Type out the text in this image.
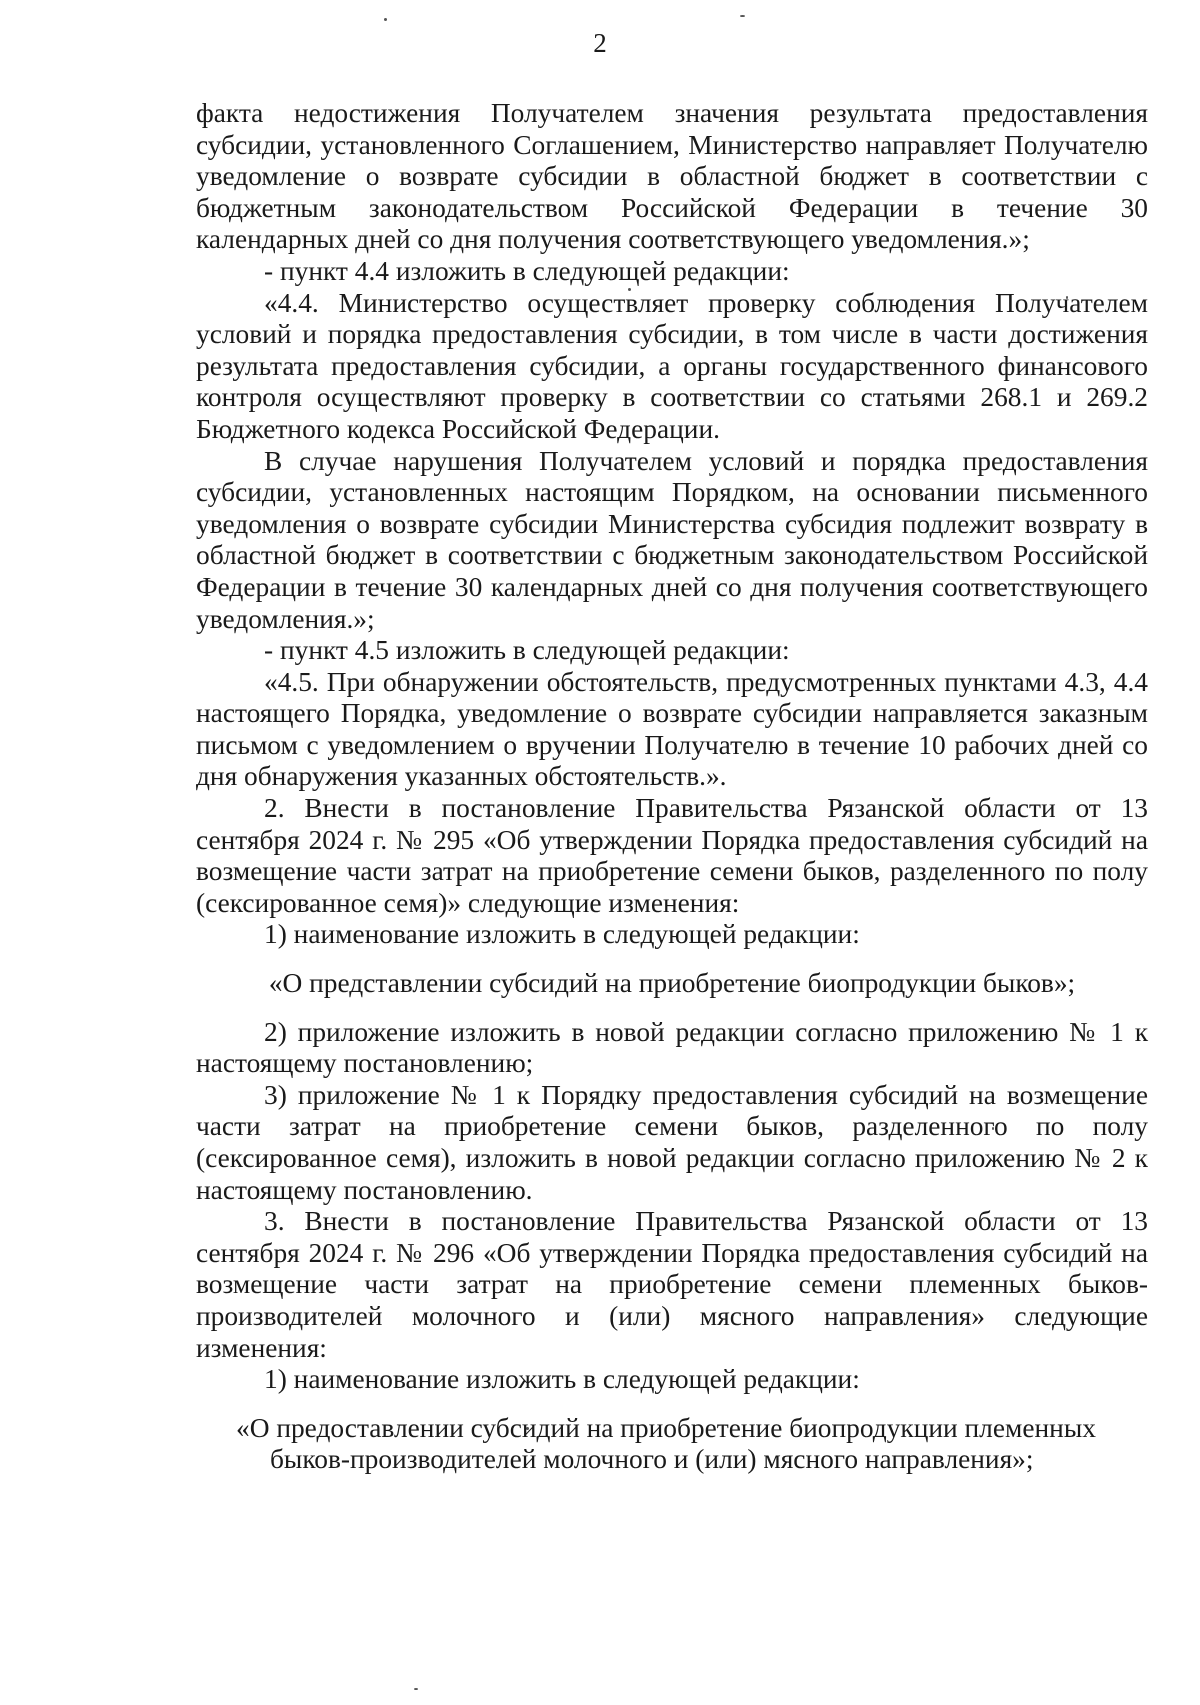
2

факта недостижения Получателем значения результата предоставления субсидии, установленного Соглашением, Министерство направляет Получателю уведомление о возврате субсидии в областной бюджет в соответствии с бюджетным законодательством Российской Федерации в течение 30 календарных дней со дня получения соответствующего уведомления.»;

- пункт 4.4 изложить в следующей редакции:

«4.4. Министерство осуществляет проверку соблюдения Получателем условий и порядка предоставления субсидии, в том числе в части достижения результата предоставления субсидии, а органы государственного финансового контроля осуществляют проверку в соответствии со статьями 268.1 и 269.2 Бюджетного кодекса Российской Федерации.

В случае нарушения Получателем условий и порядка предоставления субсидии, установленных настоящим Порядком, на основании письменного уведомления о возврате субсидии Министерства субсидия подлежит возврату в областной бюджет в соответствии с бюджетным законодательством Российской Федерации в течение 30 календарных дней со дня получения соответствующего уведомления.»;

- пункт 4.5 изложить в следующей редакции:

«4.5. При обнаружении обстоятельств, предусмотренных пунктами 4.3, 4.4 настоящего Порядка, уведомление о возврате субсидии направляется заказным письмом с уведомлением о вручении Получателю в течение 10 рабочих дней со дня обнаружения указанных обстоятельств.».

2. Внести в постановление Правительства Рязанской области от 13 сентября 2024 г. № 295 «Об утверждении Порядка предоставления субсидий на возмещение части затрат на приобретение семени быков, разделенного по полу (сексированное семя)» следующие изменения:

1) наименование изложить в следующей редакции:

«О представлении субсидий на приобретение биопродукции быков»;

2) приложение изложить в новой редакции согласно приложению № 1 к настоящему постановлению;

3) приложение № 1 к Порядку предоставления субсидий на возмещение части затрат на приобретение семени быков, разделенного по полу (сексированное семя), изложить в новой редакции согласно приложению № 2 к настоящему постановлению.

3. Внести в постановление Правительства Рязанской области от 13 сентября 2024 г. № 296 «Об утверждении Порядка предоставления субсидий на возмещение части затрат на приобретение семени племенных быков-производителей молочного и (или) мясного направления» следующие изменения:

1) наименование изложить в следующей редакции:

«О предоставлении субсидий на приобретение биопродукции племенных

быков-производителей молочного и (или) мясного направления»;
